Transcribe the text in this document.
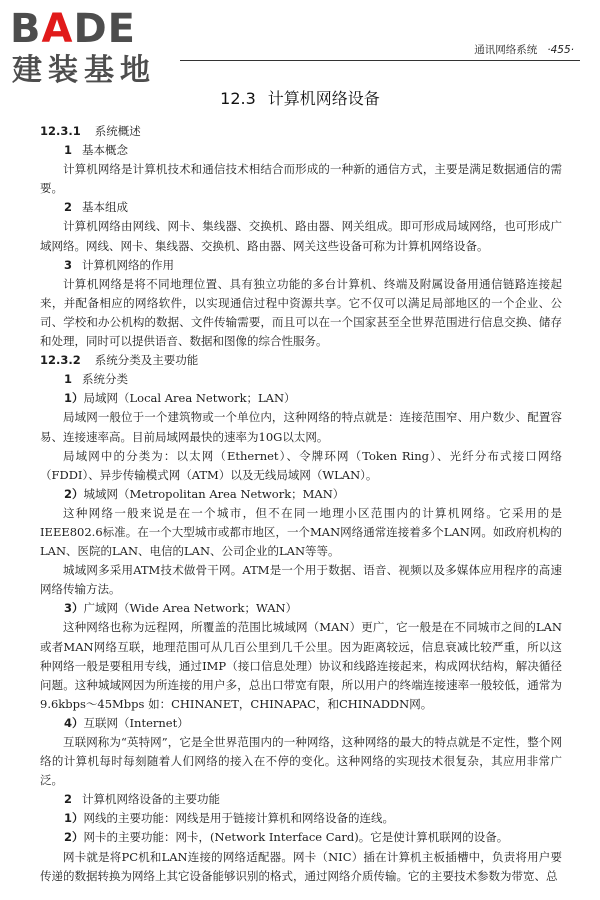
BADE
建装基地
通讯网络系统 ·455·
12.3 计算机网络设备
12.3.1 系统概述
1 基本概念

计算机网络是计算机技术和通信技术相结合而形成的一种新的通信方式，主要是满足数据通信的需要。

2 基本组成

计算机网络由网线、网卡、集线器、交换机、路由器、网关组成。即可形成局域网络，也可形成广域网络。网线、网卡、集线器、交换机、路由器、网关这些设备可称为计算机网络设备。

3 计算机网络的作用

计算机网络是将不同地理位置、具有独立功能的多台计算机、终端及附属设备用通信链路连接起来，并配备相应的网络软件，以实现通信过程中资源共享。它不仅可以满足局部地区的一个企业、公司、学校和办公机构的数据、文件传输需要，而且可以在一个国家甚至全世界范围进行信息交换、储存和处理，同时可以提供语音、数据和图像的综合性服务。

12.3.2 系统分类及主要功能
1 系统分类
1）局域网（Local Area Network；LAN）

局域网一般位于一个建筑物或一个单位内，这种网络的特点就是：连接范围窄、用户数少、配置容易、连接速率高。目前局域网最快的速率为10G以太网。

局域网中的分类为：以太网（Ethernet）、令牌环网（Token Ring）、光纤分布式接口网络（FDDI）、异步传输模式网（ATM）以及无线局域网（WLAN）。

2）城域网（Metropolitan Area Network；MAN）

这种网络一般来说是在一个城市，但不在同一地理小区范围内的计算机网络。它采用的是IEEE802.6标准。在一个大型城市或都市地区，一个MAN网络通常连接着多个LAN网。如政府机构的LAN、医院的LAN、电信的LAN、公司企业的LAN等等。

城域网多采用ATM技术做骨干网。ATM是一个用于数据、语音、视频以及多媒体应用程序的高速网络传输方法。

3）广域网（Wide Area Network；WAN）

这种网络也称为远程网，所覆盖的范围比城域网（MAN）更广，它一般是在不同城市之间的LAN或者MAN网络互联，地理范围可从几百公里到几千公里。因为距离较远，信息衰减比较严重，所以这种网络一般是要租用专线，通过IMP（接口信息处理）协议和线路连接起来，构成网状结构，解决循径问题。这种城域网因为所连接的用户多，总出口带宽有限，所以用户的终端连接速率一般较低，通常为9.6kbps～45Mbps 如：CHINANET，CHINAPAC，和CHINADDN网。

4）互联网（Internet）

互联网称为“英特网”，它是全世界范围内的一种网络，这种网络的最大的特点就是不定性，整个网络的计算机每时每刻随着人们网络的接入在不停的变化。这种网络的实现技术很复杂，其应用非常广泛。

2 计算机网络设备的主要功能
1）网线的主要功能：网线是用于链接计算机和网络设备的连线。
2）网卡的主要功能：网卡，(Network Interface Card)。它是使计算机联网的设备。

网卡就是将PC机和LAN连接的网络适配器。网卡（NIC）插在计算机主板插槽中，负责将用户要传递的数据转换为网络上其它设备能够识别的格式，通过网络介质传输。它的主要技术参数为带宽、总
